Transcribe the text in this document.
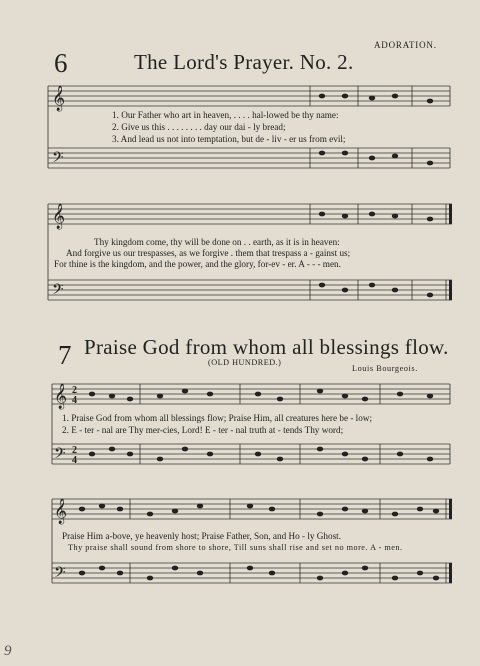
6	The Lord's Prayer. No. 2.
ADORATION.
𝄞
𝄢
1. Our Father who art in heaven, . . . . hal-lowed be thy name:
2. Give us this . . . . . . . . day our dai - ly bread;
3. And lead us not into temptation, but de - liv - er us from evil;
𝄞
𝄢
Thy kingdom come, thy will be done on . . earth, as it is in heaven:
And forgive us our trespasses, as we forgive . them that trespass a - gainst us;
For thine is the kingdom, and the power, and the glory, for-ev - er. A - - - men.
7 Praise God from whom all blessings flow.
(OLD HUNDRED.)
Louis Bourgeois.
𝄞
𝄢
2
4
2
4
1. Praise God from whom all blessings flow; Praise Him, all creatures here be - low;
2. E - ter - nal are Thy mer-cies, Lord! E - ter - nal truth at - tends Thy word;
𝄞
𝄢
Praise Him a-bove, ye heavenly host; Praise Father, Son, and Ho - ly Ghost.
Thy praise shall sound from shore to shore, Till suns shall rise and set no more. A - men.
9
